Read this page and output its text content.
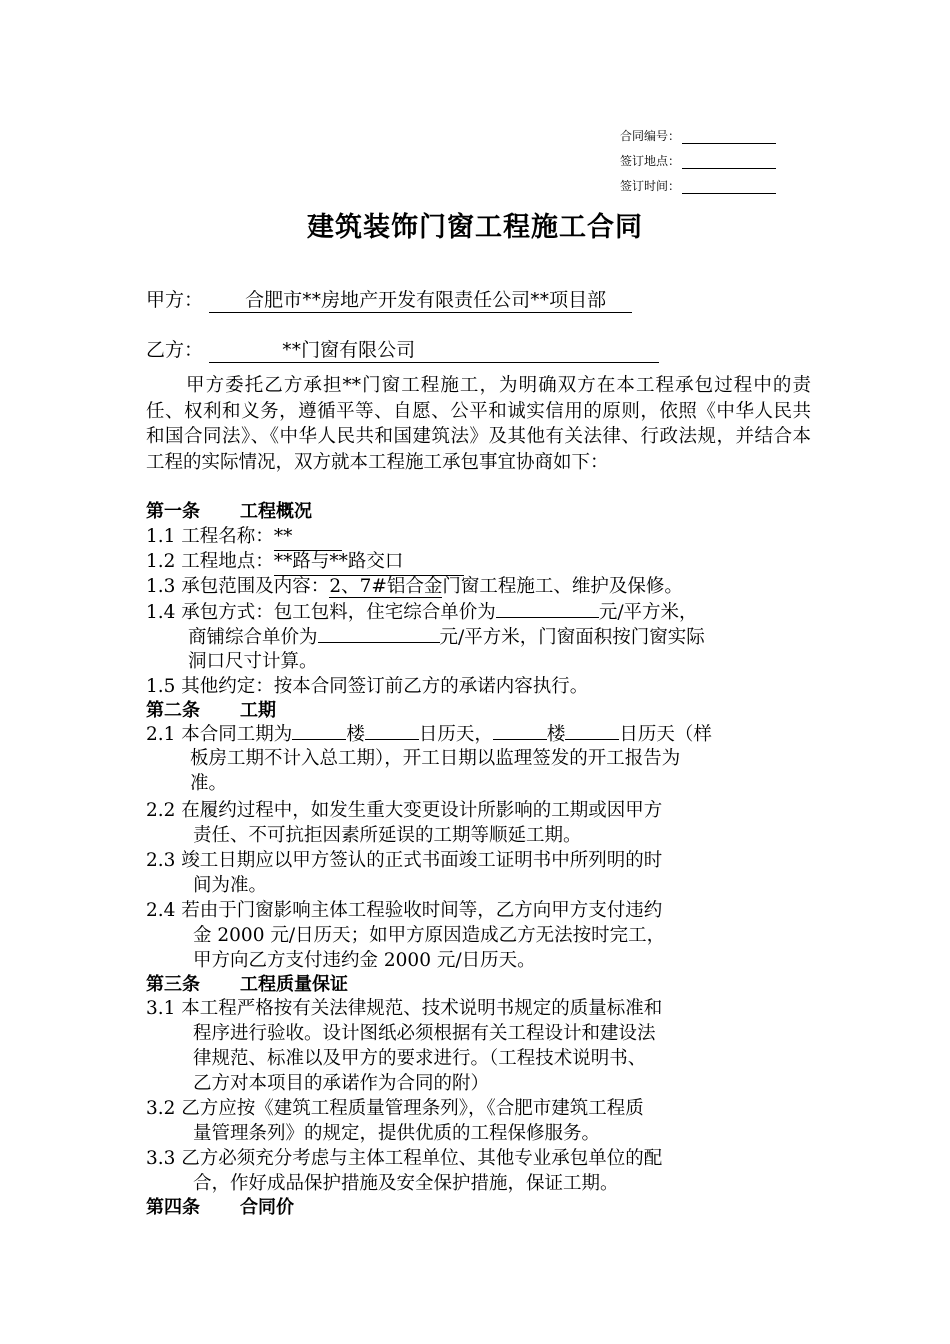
合同编号：
签订地点：
签订时间：
建筑装饰门窗工程施工合同
甲方： 合肥市**房地产开发有限责任公司**项目部
乙方：	**门窗有限公司

甲方委托乙方承担**门窗工程施工，为明确双方在本工程承包过程中的责任、权利和义务，遵循平等、自愿、公平和诚实信用的原则，依照《中华人民共和国合同法》、《中华人民共和国建筑法》及其他有关法律、行政法规，并结合本工程的实际情况，双方就本工程施工承包事宜协商如下：

第一条 工程概况
1.1 工程名称：**
1.2 工程地点：**路与**路交口
1.3 承包范围及内容：2、7#铝合金门窗工程施工、维护及保修。
1.4 承包方式：包工包料，住宅综合单价为	元/平方米，
商铺综合单价为	元/平方米，门窗面积按门窗实际
洞口尺寸计算。
1.5 其他约定：按本合同签订前乙方的承诺内容执行。
第二条 工期
2.1 本合同工期为	楼	日历天，	楼	日历天（样
板房工期不计入总工期），开工日期以监理签发的开工报告为
准。
2.2 在履约过程中，如发生重大变更设计所影响的工期或因甲方
责任、不可抗拒因素所延误的工期等顺延工期。
2.3 竣工日期应以甲方签认的正式书面竣工证明书中所列明的时
间为准。
2.4 若由于门窗影响主体工程验收时间等，乙方向甲方支付违约
金 2000 元/日历天；如甲方原因造成乙方无法按时完工，
甲方向乙方支付违约金 2000 元/日历天。
第三条 工程质量保证
3.1 本工程严格按有关法律规范、技术说明书规定的质量标准和
程序进行验收。设计图纸必须根据有关工程设计和建设法
律规范、标准以及甲方的要求进行。（工程技术说明书、
乙方对本项目的承诺作为合同的附）
3.2 乙方应按《建筑工程质量管理条列》，《合肥市建筑工程质
量管理条列》的规定，提供优质的工程保修服务。
3.3 乙方必须充分考虑与主体工程单位、其他专业承包单位的配
合，作好成品保护措施及安全保护措施，保证工期。
第四条 合同价
